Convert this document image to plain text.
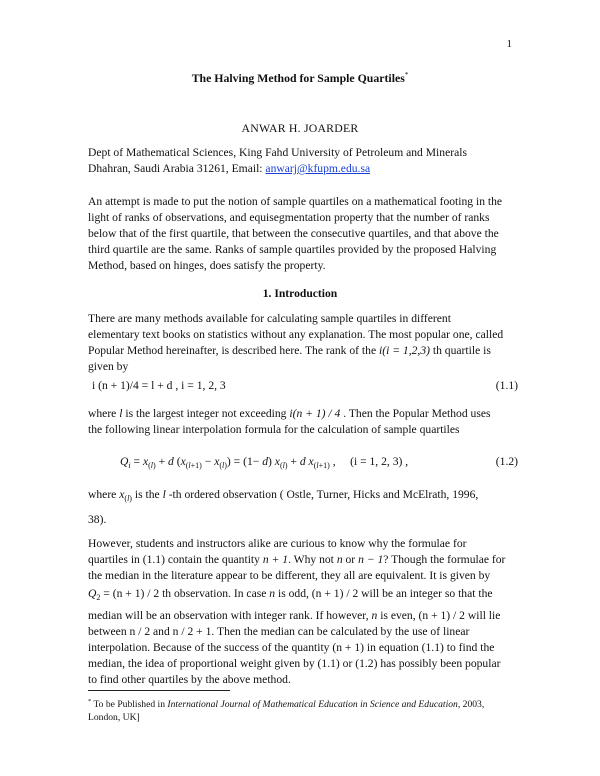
1
The Halving Method for Sample Quartiles*
ANWAR H. JOARDER
Dept of Mathematical Sciences, King Fahd University of Petroleum and Minerals
Dhahran, Saudi Arabia 31261, Email: anwarj@kfupm.edu.sa
An attempt is made to put the notion of sample quartiles on a mathematical footing in the
light of ranks of observations, and equisegmentation property that the number of ranks
below that of the first quartile, that between the consecutive quartiles, and that above the
third quartile are the same. Ranks of sample quartiles provided by the proposed Halving
Method, based on hinges, does satisfy the property.
1. Introduction
There are many methods available for calculating sample quartiles in different
elementary text books on statistics without any explanation. The most popular one, called
Popular Method hereinafter, is described here. The rank of the i(i = 1,2,3) th quartile is
given by
i (n + 1)/4 = l + d , i = 1, 2, 3	(1.1)
where l is the largest integer not exceeding i(n + 1) / 4 . Then the Popular Method uses
the following linear interpolation formula for the calculation of sample quartiles
$Q_i = x_{(l)} + d$ $(x_{(l+1)} - x_{(l)}) = (1- d) x_{(l)} + d$ $x_{(l+1)}$ ,     (i = 1, 2, 3) ,	(1.2)
where $x_{(l)}$ is the l -th ordered observation ( Ostle, Turner, Hicks and McElrath, 1996,
38).
However, students and instructors alike are curious to know why the formulae for
quartiles in (1.1) contain the quantity n + 1. Why not n or n − 1? Though the formulae for
the median in the literature appear to be different, they all are equivalent. It is given by
$Q_2 = (n + 1) / 2$ th observation. In case n is odd, (n + 1) / 2 will be an integer so that the
median will be an observation with integer rank. If however, n is even, (n + 1) / 2 will lie
between n / 2 and n / 2 + 1. Then the median can be calculated by the use of linear
interpolation. Because of the success of the quantity (n + 1) in equation (1.1) to find the
median, the idea of proportional weight given by (1.1) or (1.2) has possibly been popular
to find other quartiles by the above method.
* To be Published in International Journal of Mathematical Education in Science and Education, 2003,
London, UK]
